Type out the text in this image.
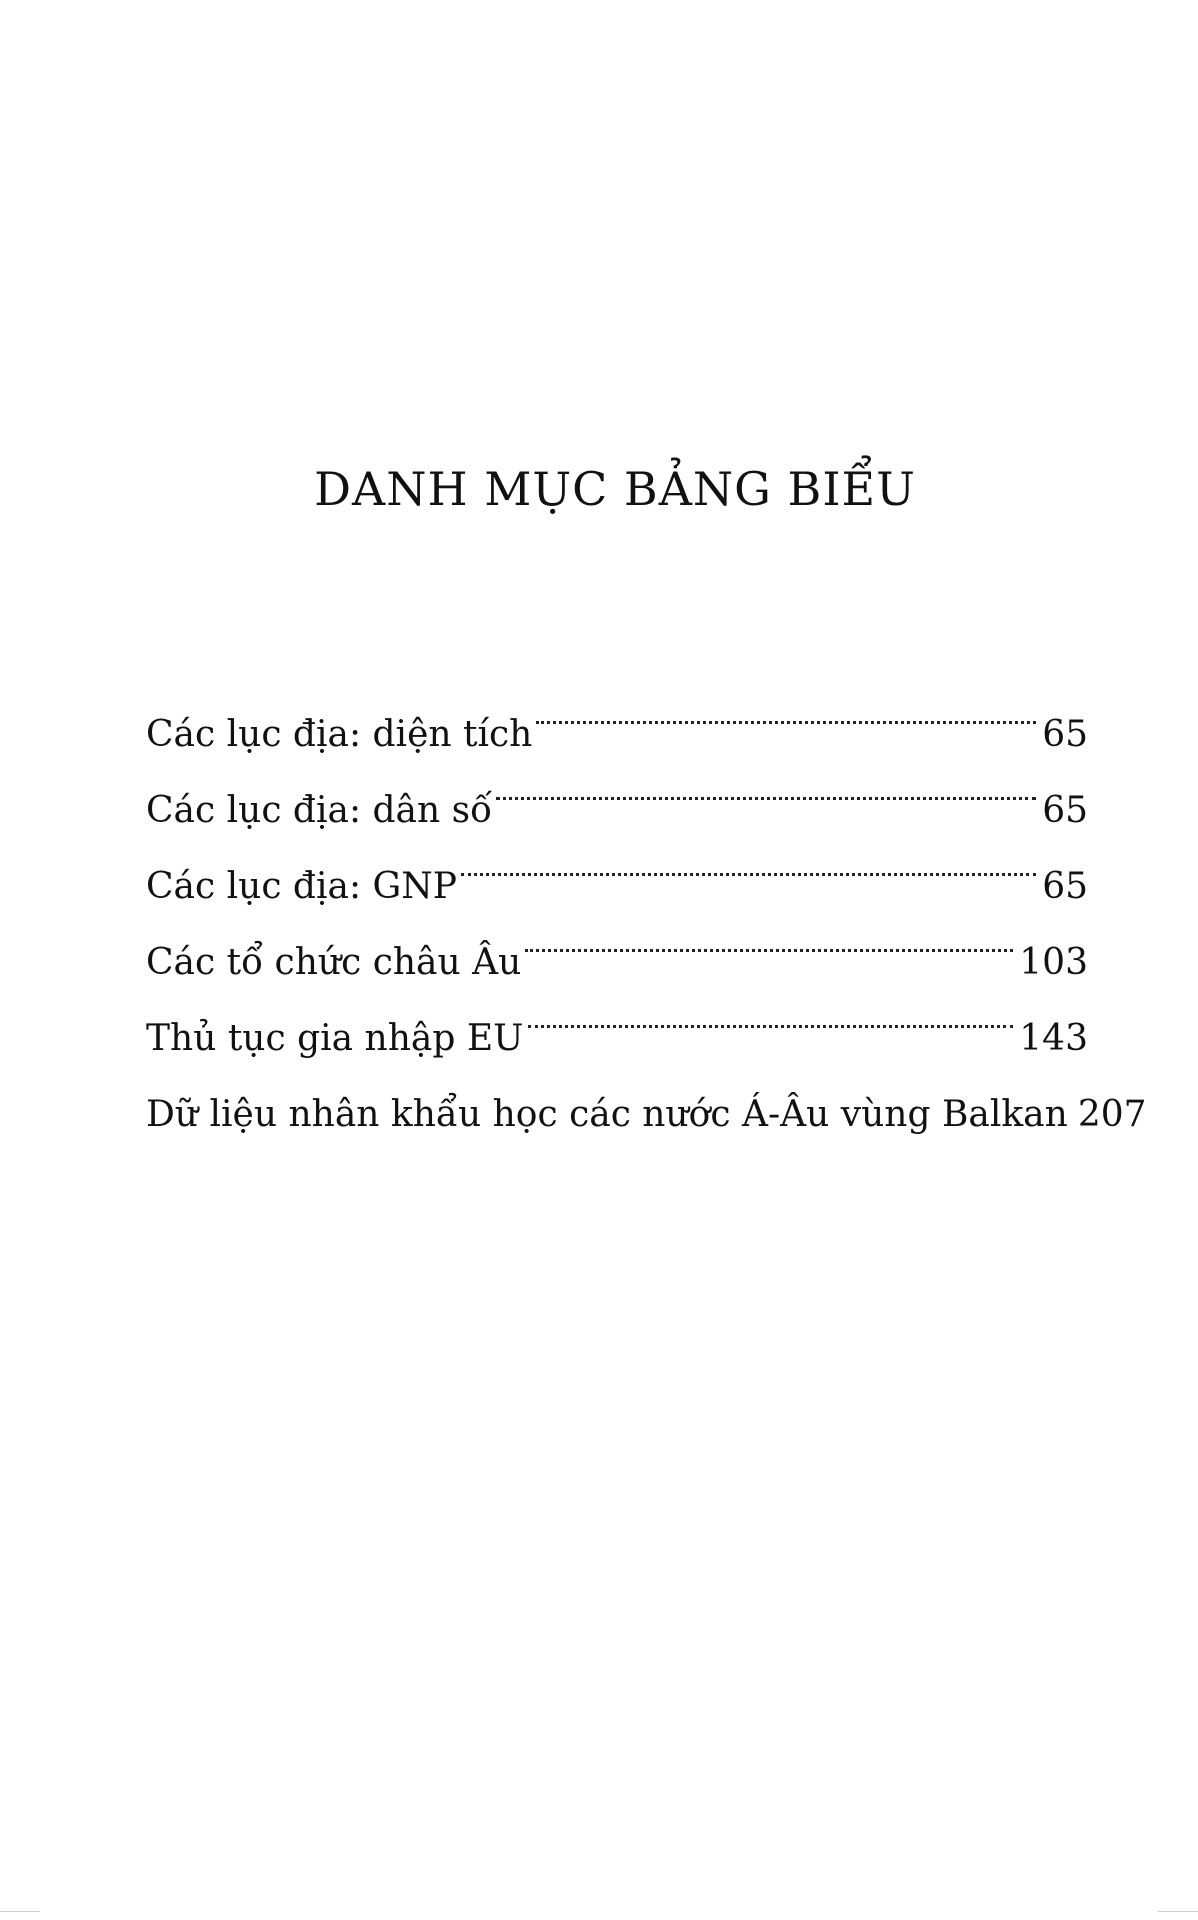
DANH MỤC BẢNG BIỂU
Các lục địa: diện tích	65
Các lục địa: dân số	65
Các lục địa: GNP	65
Các tổ chức châu Âu	103
Thủ tục gia nhập EU	143
Dữ liệu nhân khẩu học các nước Á-Âu vùng Balkan 207
